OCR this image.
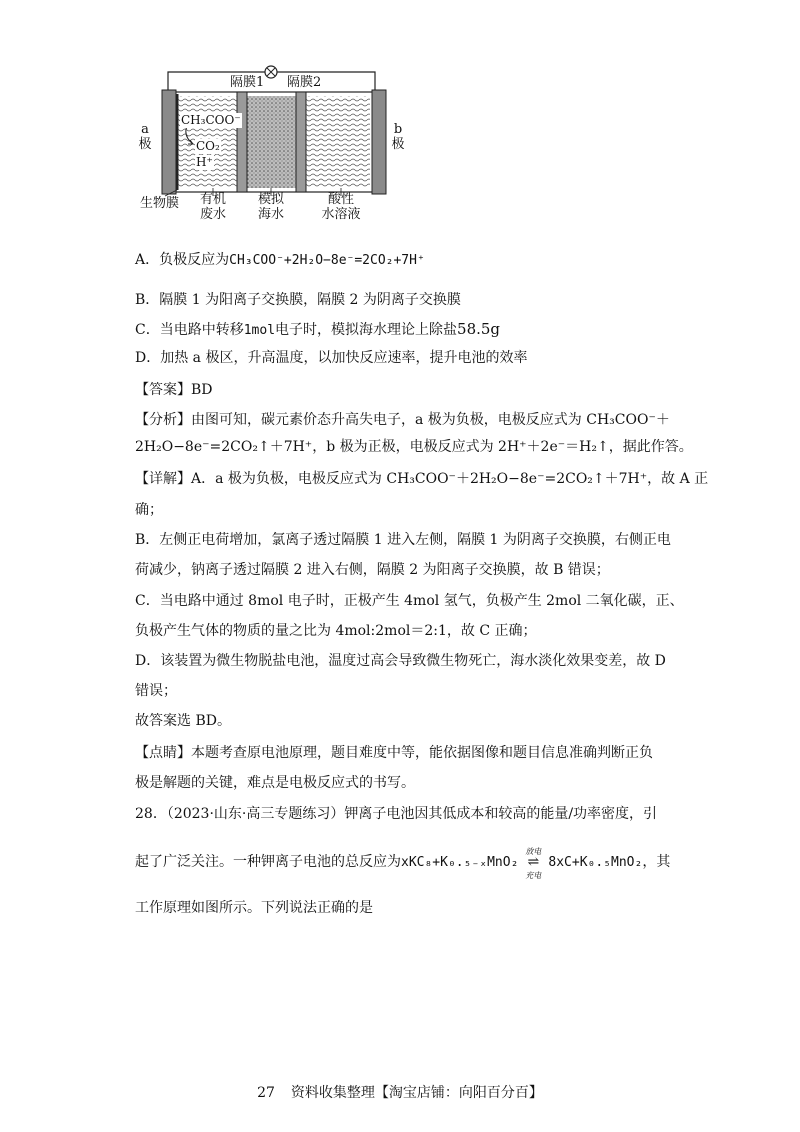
隔膜1 隔膜2
a
极
b
极
CH₃COO⁻
CO₂
H⁺
生物膜	有机
废水
模拟
海水
酸性
水溶液
A．负极反应为CH₃COO⁻+2H₂O−8e⁻=2CO₂+7H⁺
B．隔膜 1 为阳离子交换膜，隔膜 2 为阴离子交换膜
C．当电路中转移1mol电子时，模拟海水理论上除盐58.5g
D．加热 a 极区，升高温度，以加快反应速率，提升电池的效率
【答案】BD
【分析】由图可知，碳元素价态升高失电子，a 极为负极，电极反应式为 CH₃COO⁻＋
2H₂O−8e⁻=2CO₂↑＋7H⁺，b 极为正极，电极反应式为 2H⁺＋2e⁻＝H₂↑，据此作答。
【详解】A．a 极为负极，电极反应式为 CH₃COO⁻＋2H₂O−8e⁻=2CO₂↑＋7H⁺，故 A 正
确；
B．左侧正电荷增加，氯离子透过隔膜 1 进入左侧，隔膜 1 为阴离子交换膜，右侧正电
荷减少，钠离子透过隔膜 2 进入右侧，隔膜 2 为阳离子交换膜，故 B 错误；
C．当电路中通过 8mol 电子时，正极产生 4mol 氢气，负极产生 2mol 二氧化碳，正、
负极产生气体的物质的量之比为 4mol:2mol＝2:1，故 C 正确；
D．该装置为微生物脱盐电池，温度过高会导致微生物死亡，海水淡化效果变差，故 D
错误；
故答案选 BD。
【点睛】本题考查原电池原理，题目难度中等，能依据图像和题目信息准确判断正负
极是解题的关键，难点是电极反应式的书写。
28．（2023·山东·高三专题练习）钾离子电池因其低成本和较高的能量/功率密度，引
起了广泛关注。一种钾离子电池的总反应为xKC₈+K₀.₅₋ₓMnO₂
放电
⇌
充电
8xC+K₀.₅MnO₂，其
工作原理如图所示。下列说法正确的是
27 资料收集整理【淘宝店铺：向阳百分百】
